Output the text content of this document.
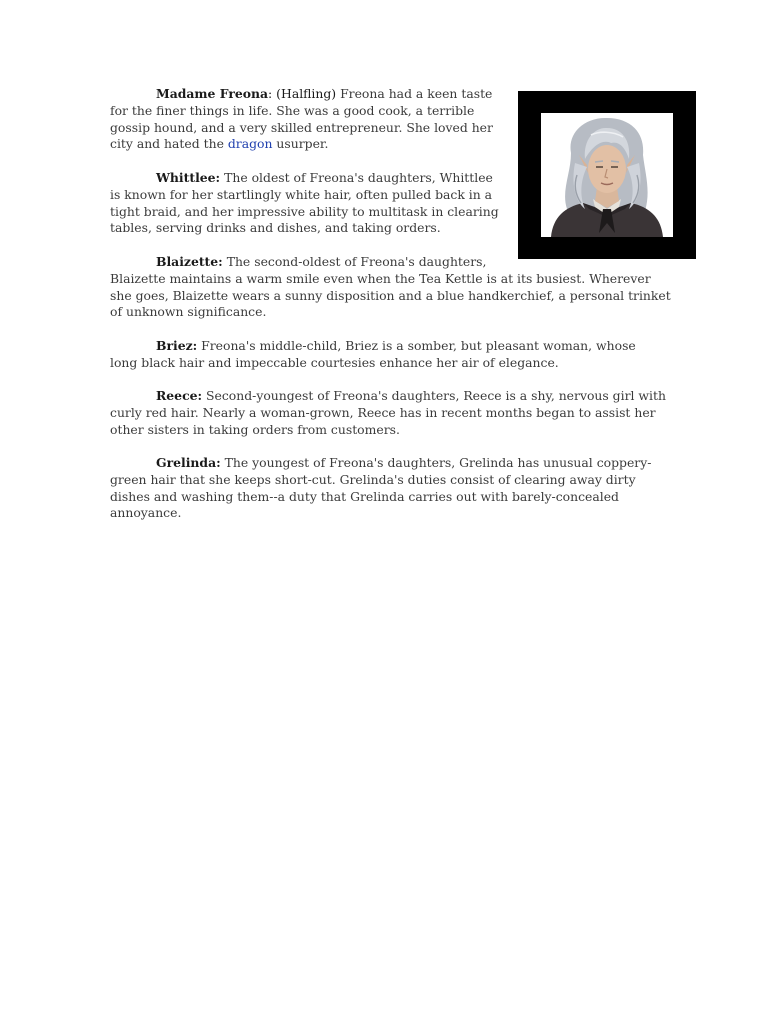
Madame Freona: (Halfling) Freona had a keen taste
for the finer things in life. She was a good cook, a terrible
gossip hound, and a very skilled entrepreneur. She loved her
city and hated the dragon usurper.

Whittlee: The oldest of Freona's daughters, Whittlee
is known for her startlingly white hair, often pulled back in a
tight braid, and her impressive ability to multitask in clearing
tables, serving drinks and dishes, and taking orders.

Blaizette: The second-oldest of Freona's daughters,
Blaizette maintains a warm smile even when the Tea Kettle is at its busiest. Wherever
she goes, Blaizette wears a sunny disposition and a blue handkerchief, a personal trinket
of unknown significance.

Briez: Freona's middle-child, Briez is a somber, but pleasant woman, whose
long black hair and impeccable courtesies enhance her air of elegance.

Reece: Second-youngest of Freona's daughters, Reece is a shy, nervous girl with
curly red hair. Nearly a woman-grown, Reece has in recent months began to assist her
other sisters in taking orders from customers.

Grelinda: The youngest of Freona's daughters, Grelinda has unusual coppery-
green hair that she keeps short-cut. Grelinda's duties consist of clearing away dirty
dishes and washing them--a duty that Grelinda carries out with barely-concealed
annoyance.
